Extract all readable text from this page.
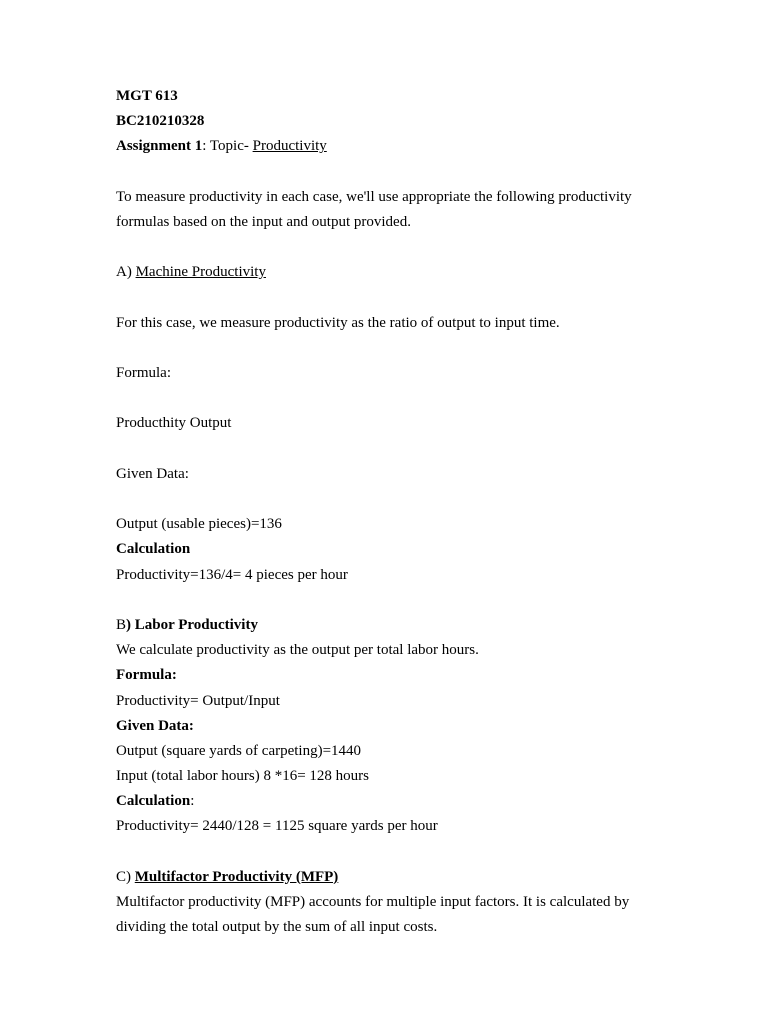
MGT 613
BC210210328
Assignment 1: Topic- Productivity
To measure productivity in each case, we'll use appropriate the following productivity
formulas based on the input and output provided.
A) Machine Productivity
For this case, we measure productivity as the ratio of output to input time.
Formula:
Producthity Output
Given Data:
Output (usable pieces)=136
Calculation
Productivity=136/4= 4 pieces per hour
B) Labor Productivity
We calculate productivity as the output per total labor hours.
Formula:
Productivity= Output/Input
Given Data:
Output (square yards of carpeting)=1440
Input (total labor hours) 8 *16= 128 hours
Calculation:
Productivity= 2440/128 = 1125 square yards per hour
C) Multifactor Productivity (MFP)
Multifactor productivity (MFP) accounts for multiple input factors. It is calculated by
dividing the total output by the sum of all input costs.
